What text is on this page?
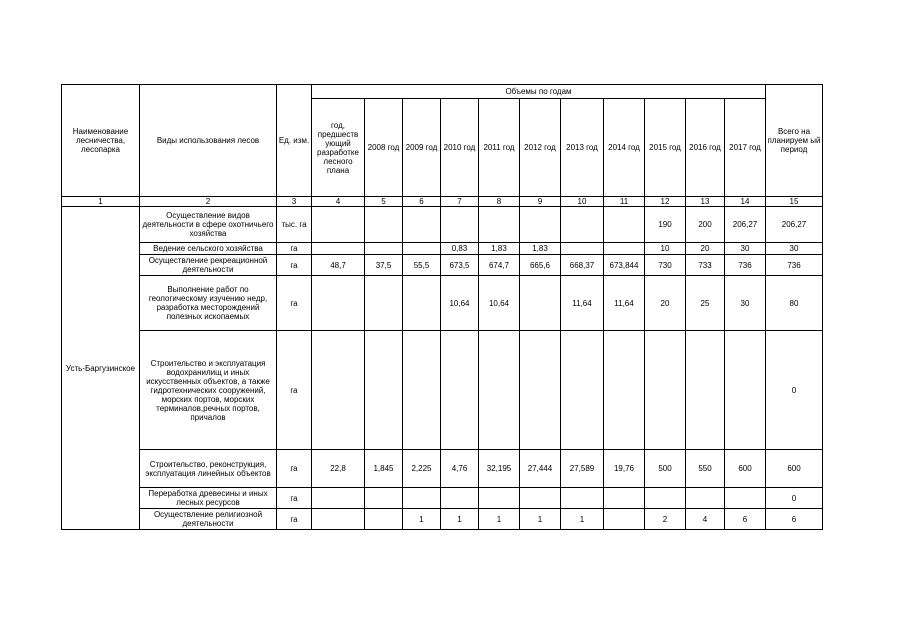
Наименование лесничества, лесопарка	Виды использования лесов	Ед. изм.	Объемы по годам											Всего на планируем ый период
			год, предшеств ующий разработке лесного плана	2008 год	2009 год	2010 год	2011 год	2012 год	2013 год	2014 год	2015 год	2016 год	2017 год	
1	2	3	4	5	6	7	8	9	10	11	12	13	14	15
Усть-Баргузинское	Осуществление видов деятельности в сфере охотничьего хозяйства	тыс. га									190	200	206,27	206,27
	Ведение сельского хозяйства	га				0,83	1,83	1,83			10	20	30	30
	Осуществление рекреационной деятельности	га	48,7	37,5	55,5	673,5	674,7	665,6	668,37	673,844	730	733	736	736
	Выполнение работ по геологическому изучению недр, разработка месторождений полезных ископаемых	га				10,64	10,64		11,64	11,64	20	25	30	80
	Строительство и эксплуатация водохранилищ и иных искусственных объектов, а также гидротехнических сооружений, морских портов, морских терминалов,речных портов, причалов	га												0
	Строительство, реконструкция, эксплуатация линейных объектов	га	22,8	1,845	2,225	4,76	32,195	27,444	27,589	19,76	500	550	600	600
	Переработка древесины и иных лесных ресурсов	га												0
	Осуществление религиозной деятельности	га			1	1	1	1	1		2	4	6	6
